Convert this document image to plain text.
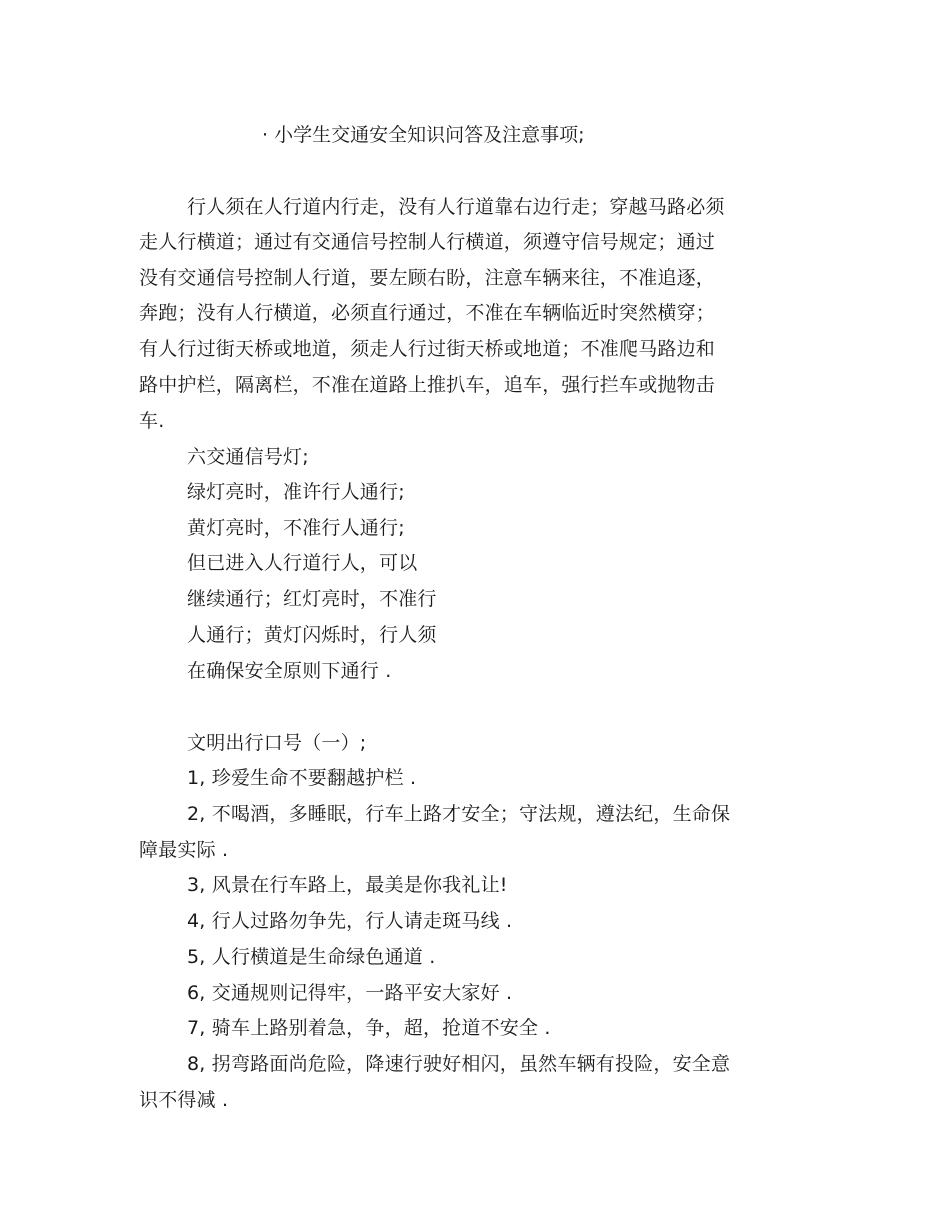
· 小学生交通安全知识问答及注意事项;
行人须在人行道内行走，没有人行道靠右边行走；穿越马路必须
走人行横道；通过有交通信号控制人行横道，须遵守信号规定；通过
没有交通信号控制人行道，要左顾右盼，注意车辆来往，不准追逐，
奔跑；没有人行横道，必须直行通过，不准在车辆临近时突然横穿；
有人行过街天桥或地道，须走人行过街天桥或地道；不准爬马路边和
路中护栏，隔离栏，不准在道路上推扒车，追车，强行拦车或抛物击
车.
六交通信号灯;
绿灯亮时，准许行人通行;
黄灯亮时，不准行人通行;
但已进入人行道行人，可以
继续通行；红灯亮时，不准行
人通行；黄灯闪烁时，行人须
在确保安全原则下通行 .
文明出行口号（一）;
1, 珍爱生命不要翻越护栏 .
2, 不喝酒，多睡眠，行车上路才安全；守法规，遵法纪，生命保
障最实际 .
3, 风景在行车路上，最美是你我礼让!
4, 行人过路勿争先，行人请走斑马线 .
5, 人行横道是生命绿色通道 .
6, 交通规则记得牢，一路平安大家好 .
7, 骑车上路别着急，争，超，抢道不安全 .
8, 拐弯路面尚危险，降速行驶好相闪，虽然车辆有投险，安全意
识不得减 .
